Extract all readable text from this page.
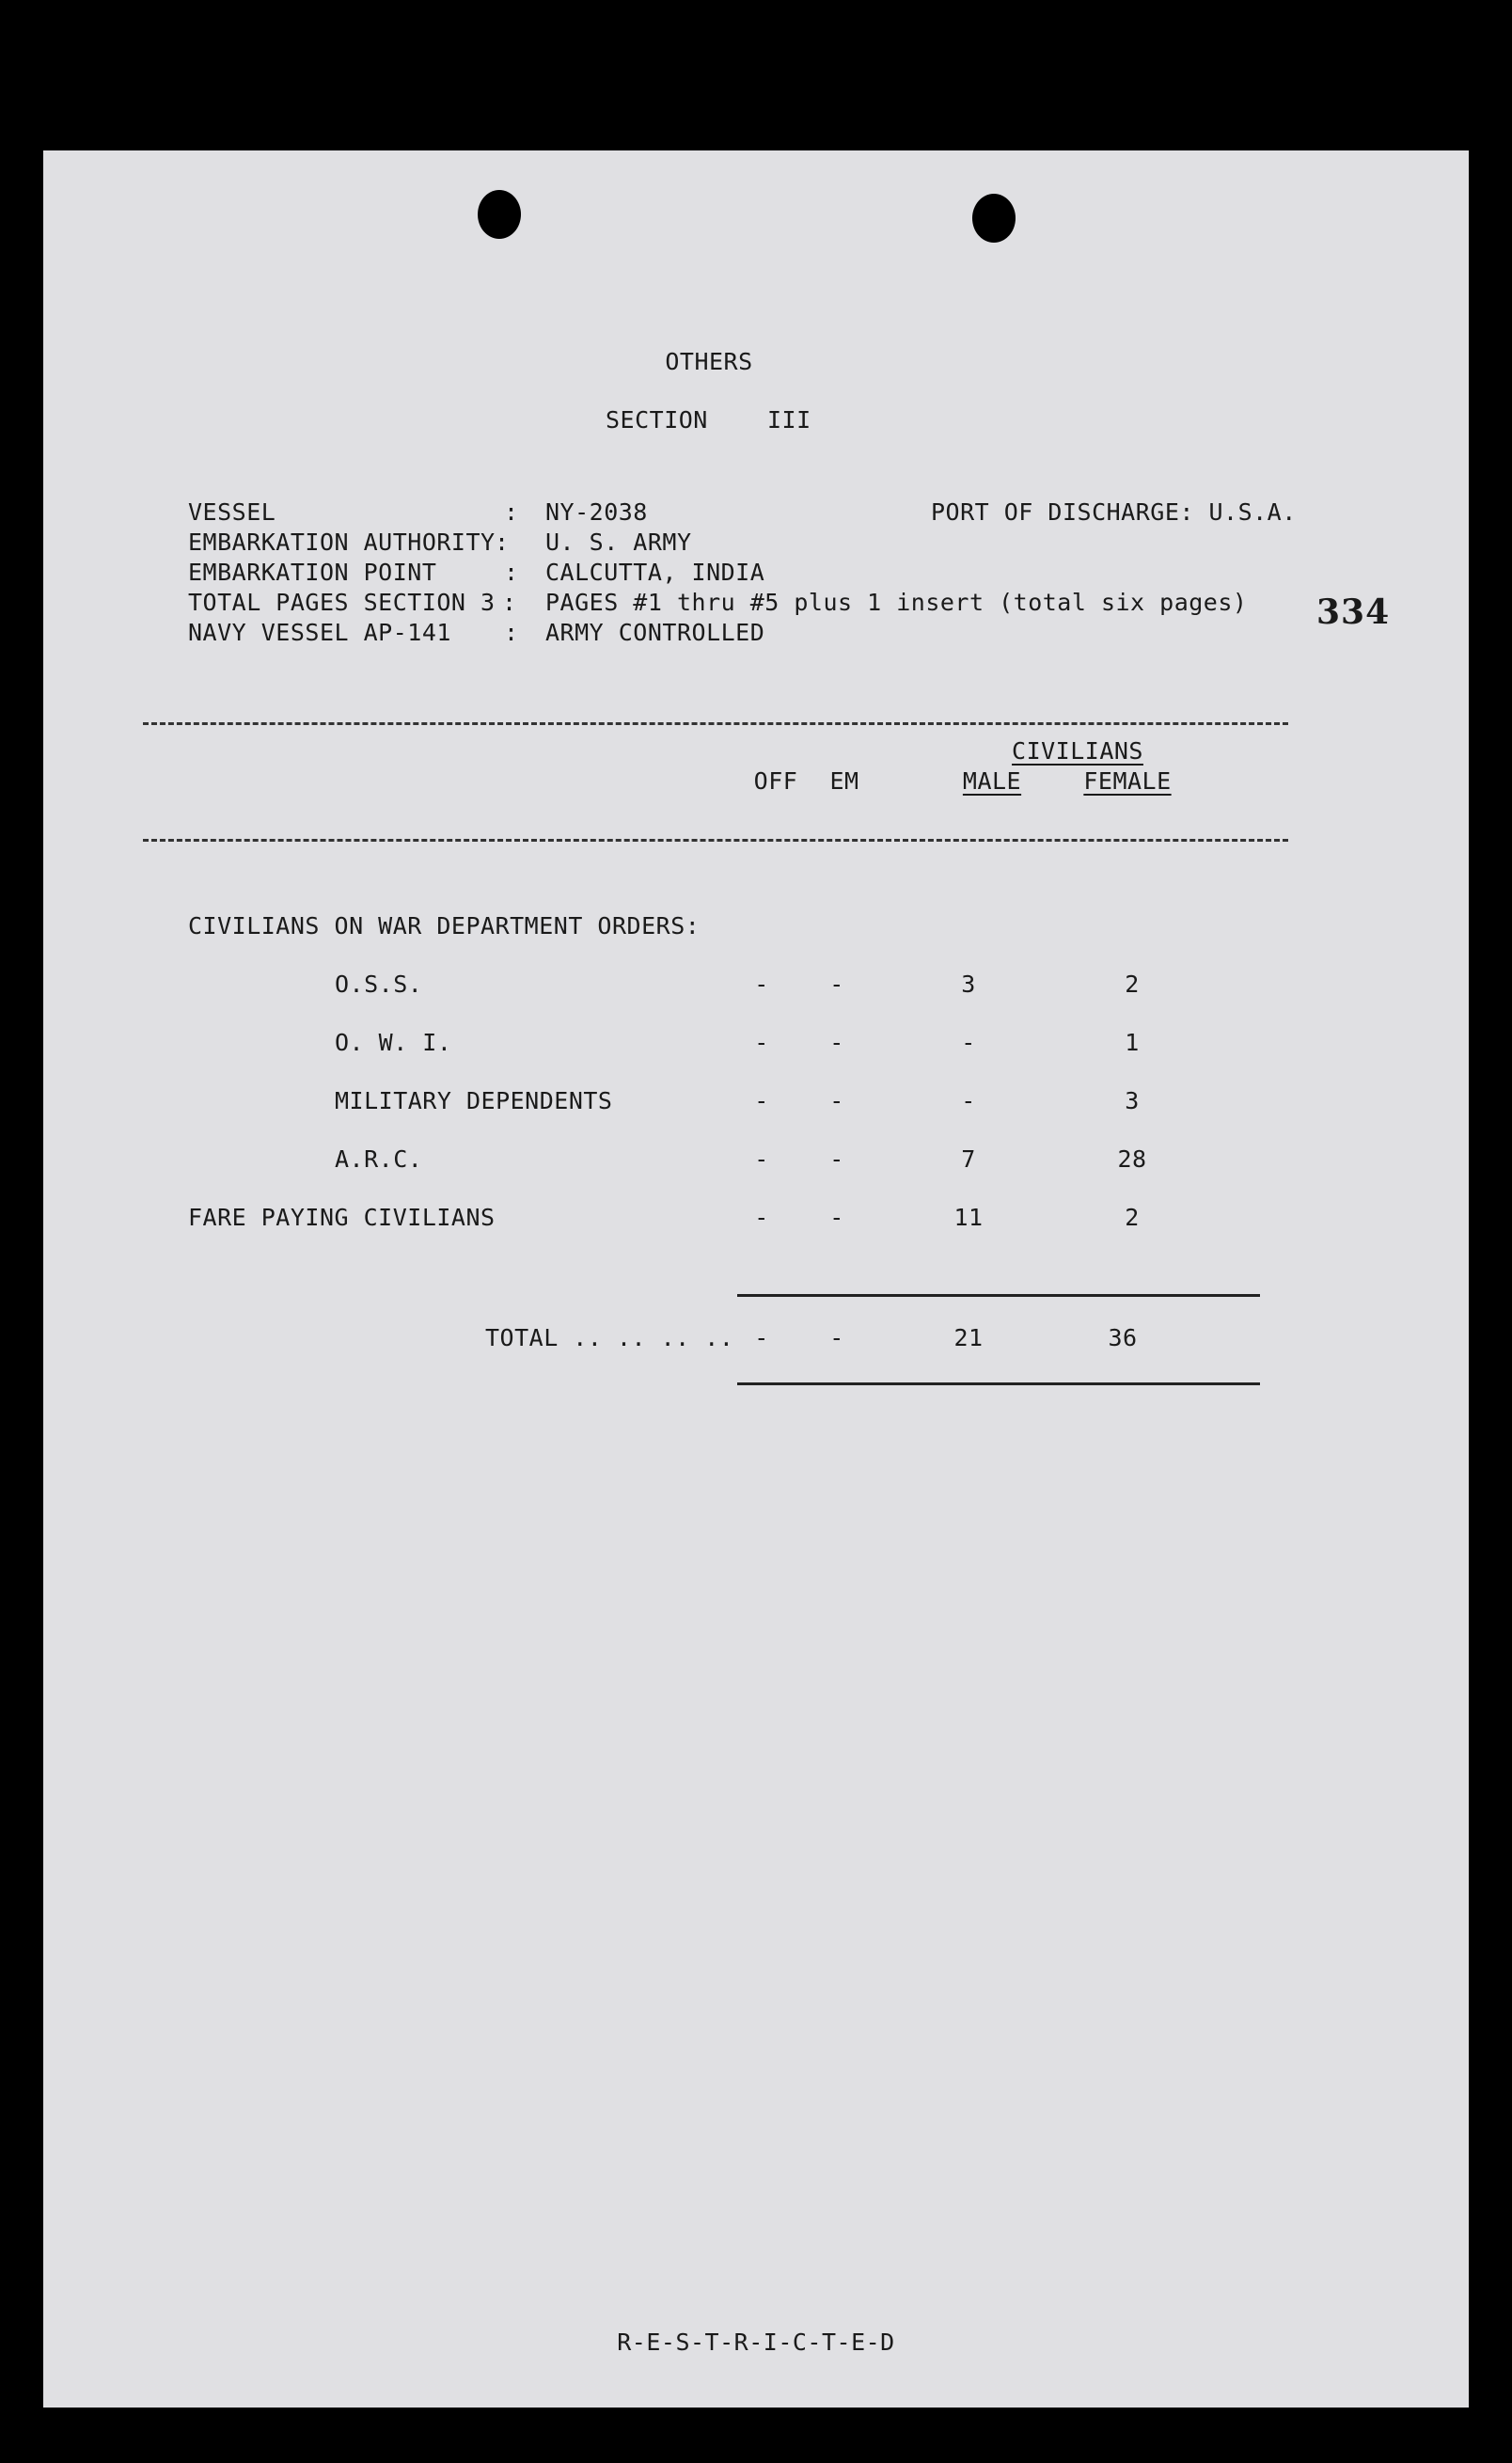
OTHERS
SECTION	III
VESSEL	: NY-2038
EMBARKATION AUTHORITY : U. S. ARMY
EMBARKATION POINT	: CALCUTTA, INDIA
TOTAL PAGES SECTION 3 : PAGES #1 thru #5 plus 1 insert (total six pages)
NAVY VESSEL AP-141 : ARMY CONTROLLED
PORT OF DISCHARGE: U.S.A.
334
CIVILIANS
OFF	EM	MALE	FEMALE
CIVILIANS ON WAR DEPARTMENT ORDERS:
O.S.S.	-	-	3	2
O. W. I.	-	-	-	1
MILITARY DEPENDENTS	-	-	-	3
A.R.C.	-	-	7	28
FARE PAYING CIVILIANS	-	-	11	2
TOTAL .. .. .. .. -	-	21	36
R-E-S-T-R-I-C-T-E-D
